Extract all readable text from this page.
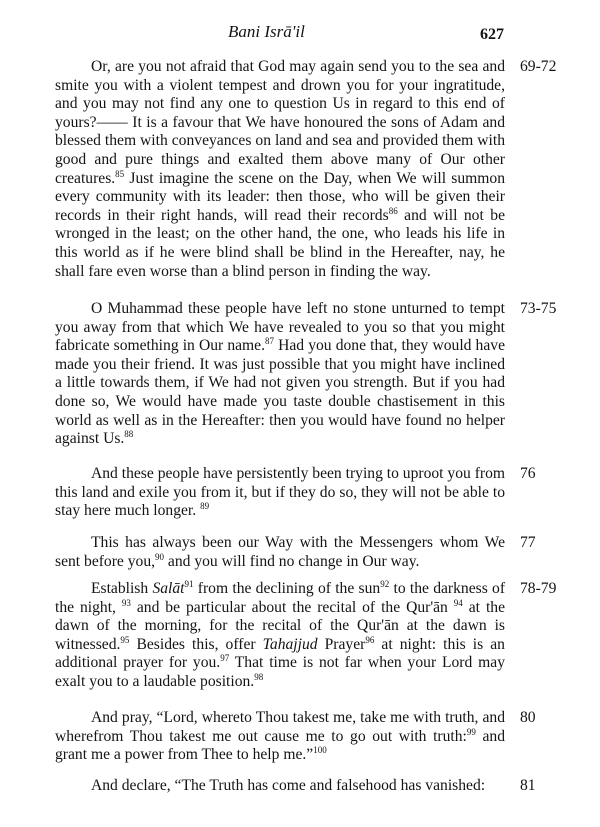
Bani Isrā'il	627

Or, are you not afraid that God may again send you to the sea and smite you with a violent tempest and drown you for your ingratitude, and you may not find any one to question Us in regard to this end of yours?—— It is a favour that We have honoured the sons of Adam and blessed them with conveyances on land and sea and provided them with good and pure things and exalted them above many of Our other creatures.$^{85}$ Just imagine the scene on the Day, when We will summon every community with its leader: then those, who will be given their records in their right hands, will read their records$^{86}$ and will not be wronged in the least; on the other hand, the one, who leads his life in this world as if he were blind shall be blind in the Hereafter, nay, he shall fare even worse than a blind person in finding the way.

69-72

O Muhammad these people have left no stone unturned to tempt you away from that which We have revealed to you so that you might fabricate something in Our name.$^{87}$ Had you done that, they would have made you their friend. It was just possible that you might have inclined a little towards them, if We had not given you strength. But if you had done so, We would have made you taste double chastisement in this world as well as in the Hereafter: then you would have found no helper against Us.$^{88}$

73-75

And these people have persistently been trying to uproot you from this land and exile you from it, but if they do so, they will not be able to stay here much longer. $^{89}$

76

This has always been our Way with the Messengers whom We sent before you,$^{90}$ and you will find no change in Our way.

77

Establish Salāt$^{91}$ from the declining of the sun$^{92}$ to the darkness of the night, $^{93}$ and be particular about the recital of the Qur'ān $^{94}$ at the dawn of the morning, for the recital of the Qur'ān at the dawn is witnessed.$^{95}$ Besides this, offer Tahajjud Prayer$^{96}$ at night: this is an additional prayer for you.$^{97}$ That time is not far when your Lord may exalt you to a laudable position.$^{98}$

78-79

And pray, “Lord, whereto Thou takest me, take me with truth, and wherefrom Thou takest me out cause me to go out with truth:$^{99}$ and grant me a power from Thee to help me.”$^{100}$

80

And declare, “The Truth has come and falsehood has vanished:	81
